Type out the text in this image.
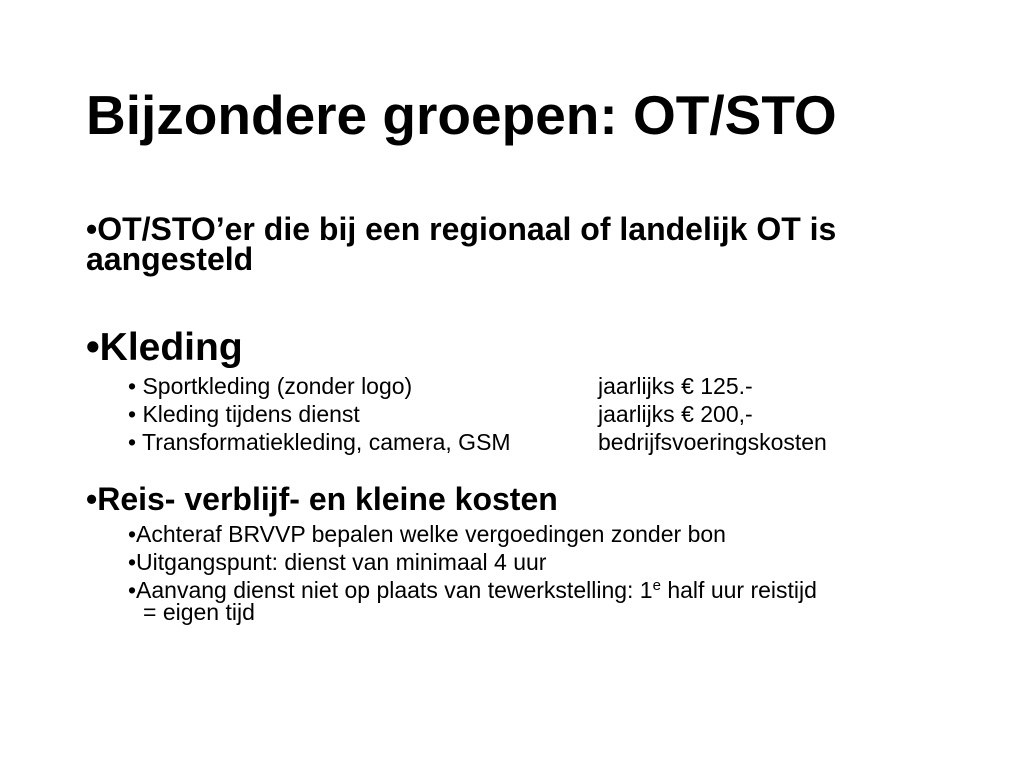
Bijzondere groepen: OT/STO
•OT/STO’er die bij een regionaal of landelijk OT is aangesteld
•Kleding
• Sportkleding (zonder logo)	jaarlijks € 125.-
• Kleding tijdens dienst	jaarlijks € 200,-
• Transformatiekleding, camera, GSM	bedrijfsvoeringskosten
•Reis- verblijf- en kleine kosten
•Achteraf BRVVP bepalen welke vergoedingen zonder bon
•Uitgangspunt: dienst van minimaal 4 uur
•Aanvang dienst niet op plaats van tewerkstelling: 1e half uur reistijd
= eigen tijd
